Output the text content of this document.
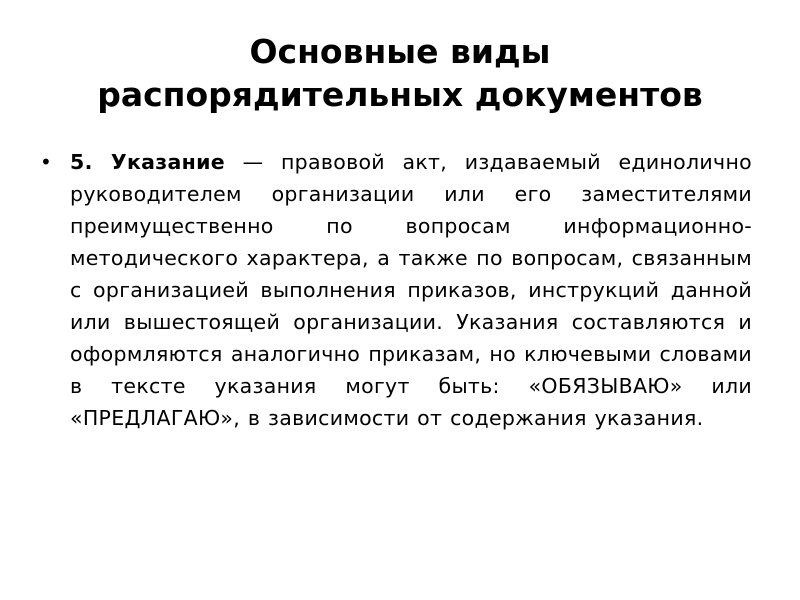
Основные виды
распорядительных документов
• 5. Указание — правовой акт, издаваемый единолично руководителем организации или его заместителями преимущественно по вопросам информационно-методического характера, а также по вопросам, связанным с организацией выполнения приказов, инструкций данной или вышестоящей организации. Указания составляются и оформляются аналогично приказам, но ключевыми словами в тексте указания могут быть: «ОБЯЗЫВАЮ» или «ПРЕДЛАГАЮ», в зависимости от содержания указания.
